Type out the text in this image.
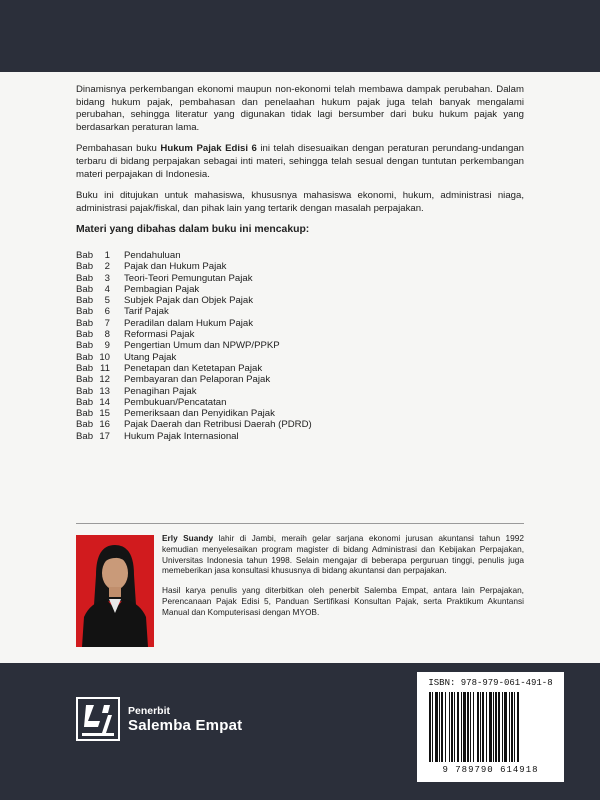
Dinamisnya perkembangan ekonomi maupun non-ekonomi telah membawa dampak perubahan. Dalam bidang hukum pajak, pembahasan dan penelaahan hukum pajak juga telah banyak mengalami perubahan, sehingga literatur yang digunakan tidak lagi bersumber dari buku hukum pajak yang berdasarkan peraturan lama.

Pembahasan buku Hukum Pajak Edisi 6 ini telah disesuaikan dengan peraturan perundang-undangan terbaru di bidang perpajakan sebagai inti materi, sehingga telah sesual dengan tuntutan perkembangan materi perpajakan di Indonesia.

Buku ini ditujukan untuk mahasiswa, khususnya mahasiswa ekonomi, hukum, administrasi niaga, administrasi pajak/fiskal, dan pihak lain yang tertarik dengan masalah perpajakan.

Materi yang dibahas dalam buku ini mencakup:

Bab	1	Pendahuluan
Bab	2	Pajak dan Hukum Pajak
Bab	3	Teori-Teori Pemungutan Pajak
Bab	4	Pembagian Pajak
Bab	5	Subjek Pajak dan Objek Pajak
Bab	6	Tarif Pajak
Bab	7	Peradilan dalam Hukum Pajak
Bab	8	Reformasi Pajak
Bab	9	Pengertian Umum dan NPWP/PPKP
Bab 10	Utang Pajak
Bab 11	Penetapan dan Ketetapan Pajak
Bab 12	Pembayaran dan Pelaporan Pajak
Bab 13	Penagihan Pajak
Bab 14	Pembukuan/Pencatatan
Bab 15	Pemeriksaan dan Penyidikan Pajak
Bab 16	Pajak Daerah dan Retribusi Daerah (PDRD)
Bab 17	Hukum Pajak Internasional

Erly Suandy lahir di Jambi, meraih gelar sarjana ekonomi jurusan akuntansi tahun 1992 kemudian menyelesaikan program magister di bidang Administrasi dan Kebijakan Perpajakan, Universitas Indonesia tahun 1998. Selain mengajar di beberapa perguruan tinggi, penulis juga memeberikan jasa konsultasi khususnya di bidang akuntansi dan perpajakan.

Hasil karya penulis yang diterbitkan oleh penerbit Salemba Empat, antara lain Perpajakan, Perencanaan Pajak Edisi 5, Panduan Sertifikasi Konsultan Pajak, serta Praktikum Akuntansi Manual dan Komputerisasi dengan MYOB.

Penerbit
Salemba Empat
ISBN: 978-979-061-491-8
9 789790 614918
